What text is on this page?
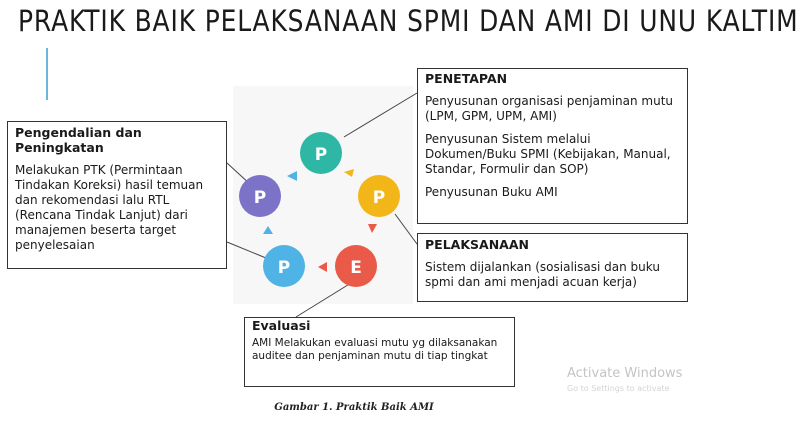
PRAKTIK BAIK PELAKSANAAN SPMI DAN AMI DI UNU KALTIM
P
P
E
P
P
Pengendalian dan Peningkatan
Melakukan PTK (Permintaan Tindakan Koreksi) hasil temuan dan rekomendasi lalu RTL (Rencana Tindak Lanjut) dari manajemen beserta target penyelesaian
PENETAPAN
Penyusunan organisasi penjaminan mutu (LPM, GPM, UPM, AMI)
Penyusunan Sistem melalui Dokumen/Buku SPMI (Kebijakan, Manual, Standar, Formulir dan SOP)
Penyusunan Buku AMI
PELAKSANAAN
Sistem dijalankan (sosialisasi dan buku spmi dan ami menjadi acuan kerja)
Evaluasi
AMI Melakukan evaluasi mutu yg dilaksanakan auditee dan penjaminan mutu di tiap tingkat
Activate Windows
Go to Settings to activate
Gambar 1. Praktik Baik AMI
